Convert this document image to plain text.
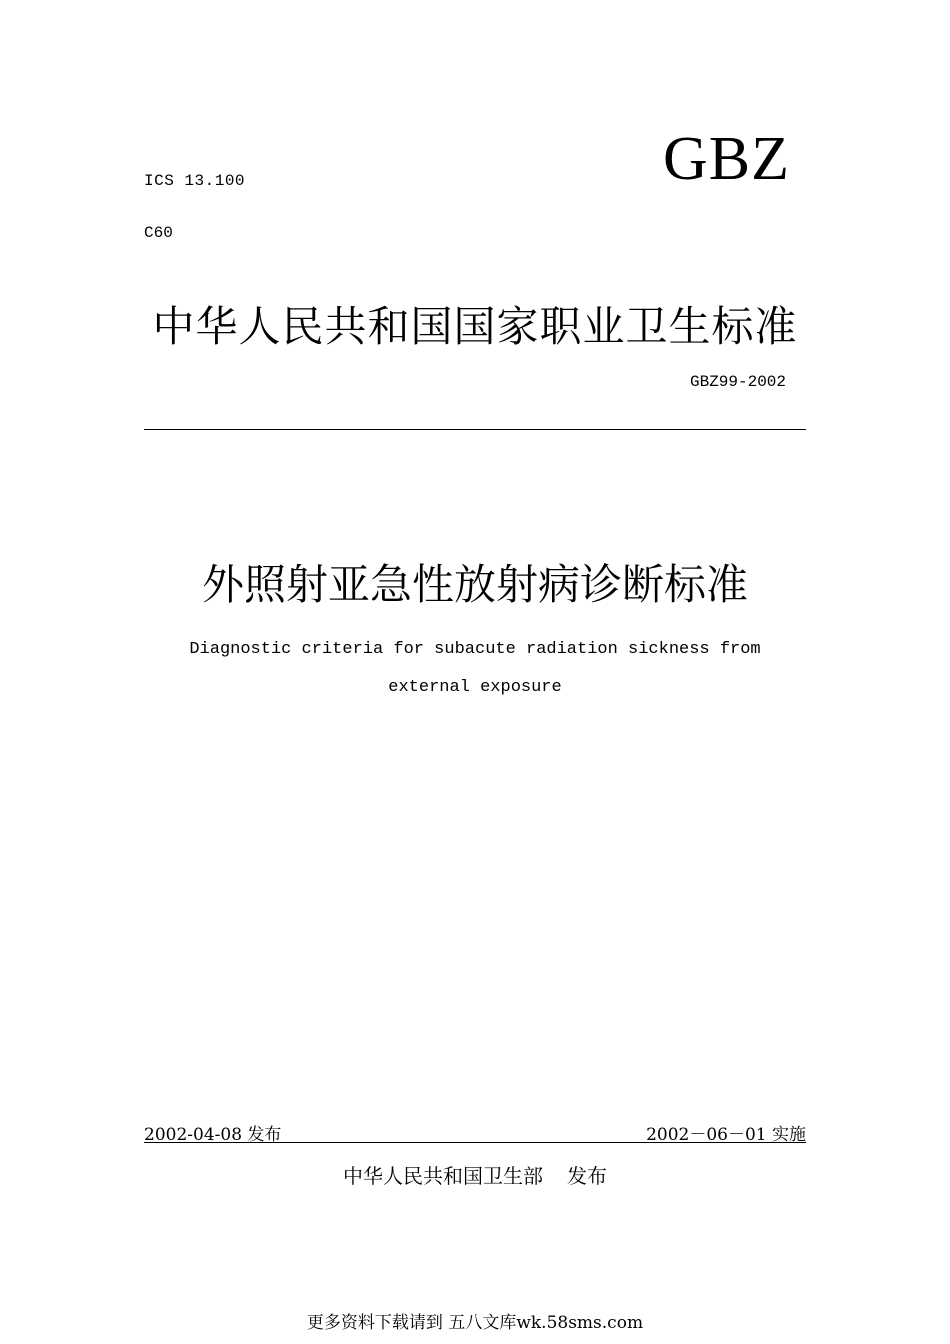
ICS 13.100
C60
GBZ
中华人民共和国国家职业卫生标准
GBZ99-2002
外照射亚急性放射病诊断标准
Diagnostic criteria for subacute radiation sickness from external exposure
2002-04-08 发布	2002－06－01 实施
中华人民共和国卫生部 发布
更多资料下载请到 五八文库wk.58sms.com
